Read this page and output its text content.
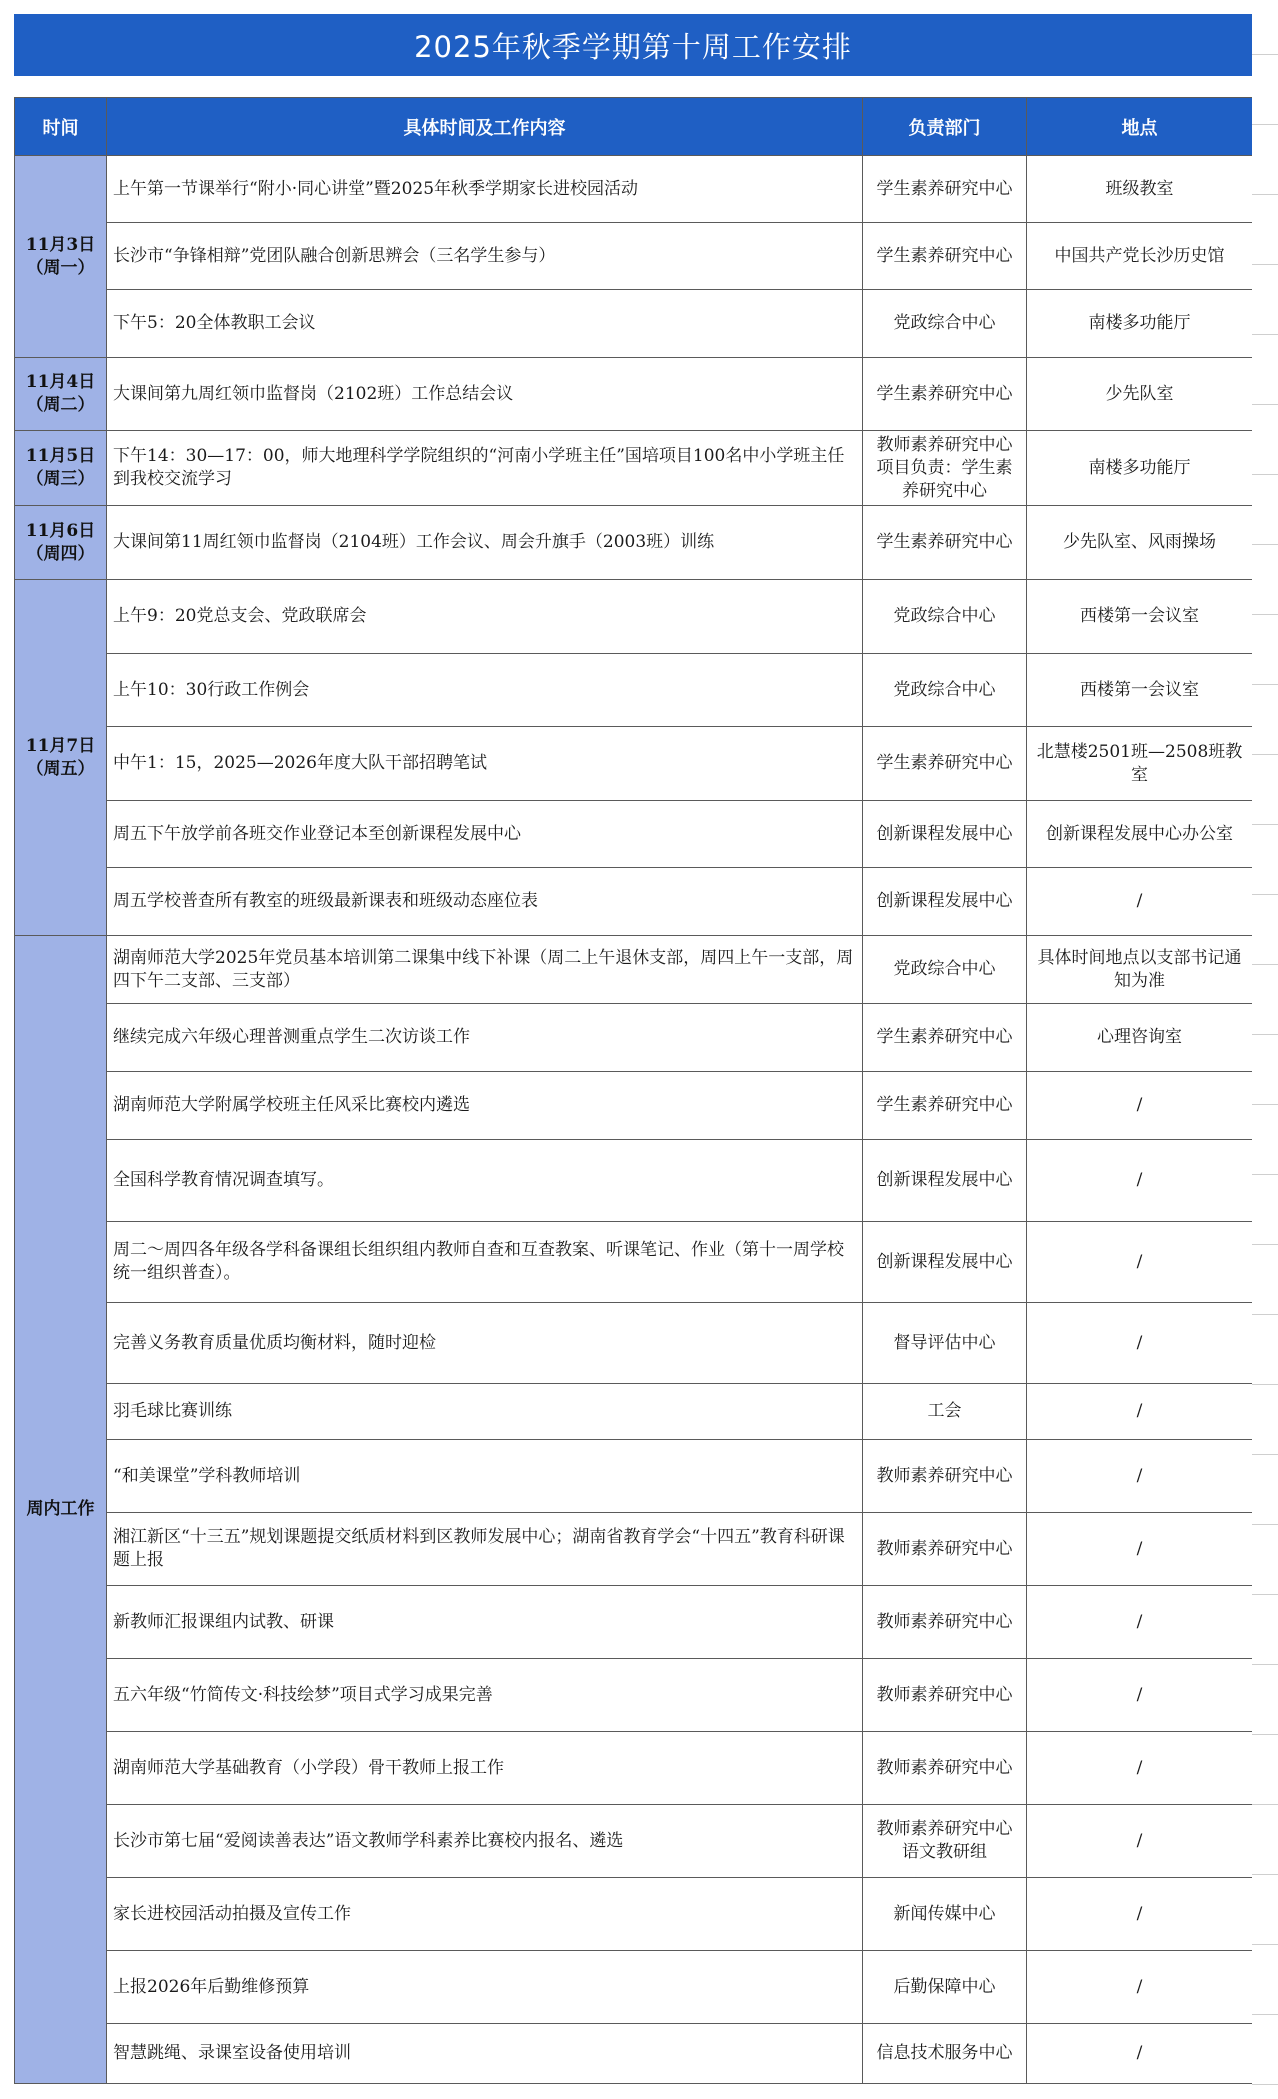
2025年秋季学期第十周工作安排
时间	具体时间及工作内容	负责部门	地点
11月3日
（周一）	上午第一节课举行“附小·同心讲堂”暨2025年秋季学期家长进校园活动	学生素养研究中心	班级教室
	长沙市“争锋相辩”党团队融合创新思辨会（三名学生参与）	学生素养研究中心	中国共产党长沙历史馆
	下午5：20全体教职工会议	党政综合中心	南楼多功能厅
11月4日
（周二）	大课间第九周红领巾监督岗（2102班）工作总结会议	学生素养研究中心	少先队室
11月5日
（周三）	下午14：30—17：00，师大地理科学学院组织的“河南小学班主任”国培项目100名中小学班主任到我校交流学习	教师素养研究中心项目负责：学生素养研究中心	南楼多功能厅
11月6日
（周四）	大课间第11周红领巾监督岗（2104班）工作会议、周会升旗手（2003班）训练	学生素养研究中心	少先队室、风雨操场
11月7日
（周五）	上午9：20党总支会、党政联席会	党政综合中心	西楼第一会议室
	上午10：30行政工作例会	党政综合中心	西楼第一会议室
	中午1：15，2025—2026年度大队干部招聘笔试	学生素养研究中心	北慧楼2501班—2508班教室
	周五下午放学前各班交作业登记本至创新课程发展中心	创新课程发展中心	创新课程发展中心办公室
	周五学校普查所有教室的班级最新课表和班级动态座位表	创新课程发展中心	/
周内工作	湖南师范大学2025年党员基本培训第二课集中线下补课（周二上午退休支部，周四上午一支部，周四下午二支部、三支部）	党政综合中心	具体时间地点以支部书记通知为准
	继续完成六年级心理普测重点学生二次访谈工作	学生素养研究中心	心理咨询室
	湖南师范大学附属学校班主任风采比赛校内遴选	学生素养研究中心	/
	全国科学教育情况调查填写。	创新课程发展中心	/
	周二～周四各年级各学科备课组长组织组内教师自查和互查教案、听课笔记、作业（第十一周学校统一组织普查）。	创新课程发展中心	/
	完善义务教育质量优质均衡材料，随时迎检	督导评估中心	/
	羽毛球比赛训练	工会	/
	“和美课堂”学科教师培训	教师素养研究中心	/
	湘江新区“十三五”规划课题提交纸质材料到区教师发展中心；湖南省教育学会“十四五”教育科研课题上报	教师素养研究中心	/
	新教师汇报课组内试教、研课	教师素养研究中心	/
	五六年级“竹简传文·科技绘梦”项目式学习成果完善	教师素养研究中心	/
	湖南师范大学基础教育（小学段）骨干教师上报工作	教师素养研究中心	/
	长沙市第七届“爱阅读善表达”语文教师学科素养比赛校内报名、遴选	教师素养研究中心语文教研组	/
	家长进校园活动拍摄及宣传工作	新闻传媒中心	/
	上报2026年后勤维修预算	后勤保障中心	/
	智慧跳绳、录课室设备使用培训	信息技术服务中心	/
